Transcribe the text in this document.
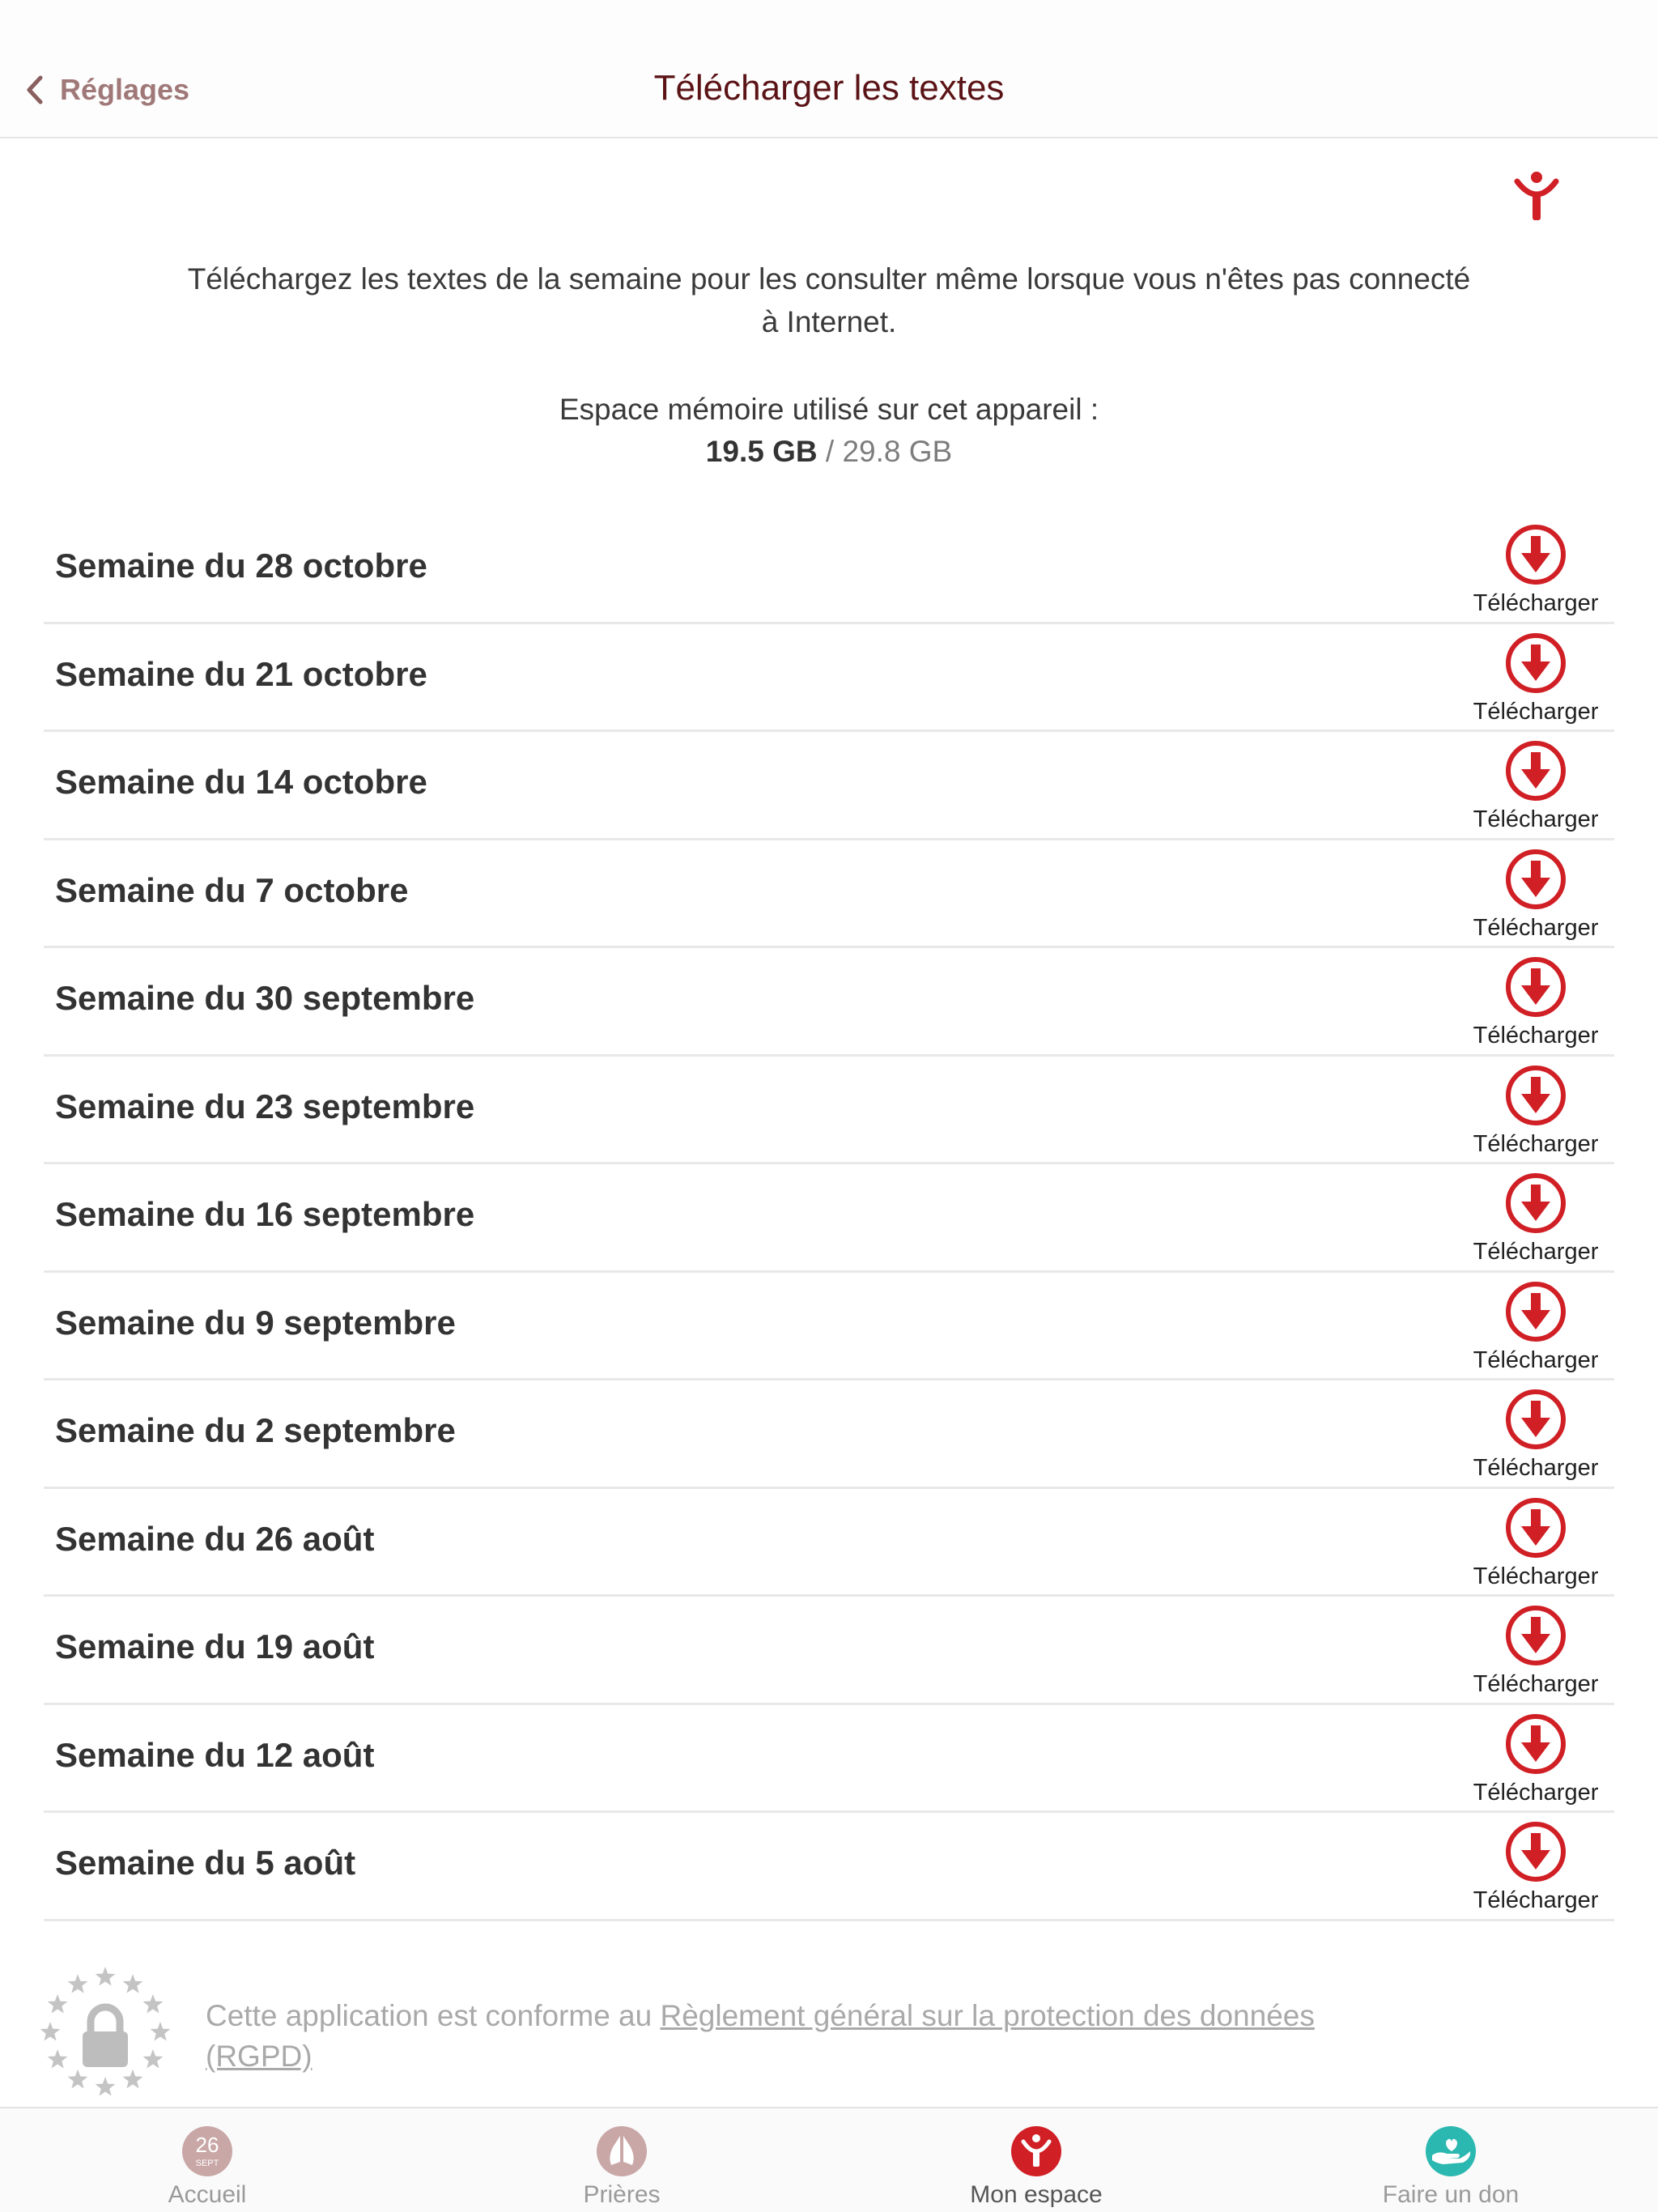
Réglages	Télécharger les textes

Téléchargez les textes de la semaine pour les consulter même lorsque vous n'êtes pas connecté à Internet.

Espace mémoire utilisé sur cet appareil :
19.5 GB / 29.8 GB
Semaine du 28 octobre
Télécharger
Semaine du 21 octobre
Télécharger
Semaine du 14 octobre
Télécharger
Semaine du 7 octobre
Télécharger
Semaine du 30 septembre
Télécharger
Semaine du 23 septembre
Télécharger
Semaine du 16 septembre
Télécharger
Semaine du 9 septembre
Télécharger
Semaine du 2 septembre
Télécharger
Semaine du 26 août
Télécharger
Semaine du 19 août
Télécharger
Semaine du 12 août
Télécharger
Semaine du 5 août
Télécharger

Cette application est conforme au Règlement général sur la protection des données (RGPD)

26
SEPT
Accueil	Prières	Mon espace	Faire un don
